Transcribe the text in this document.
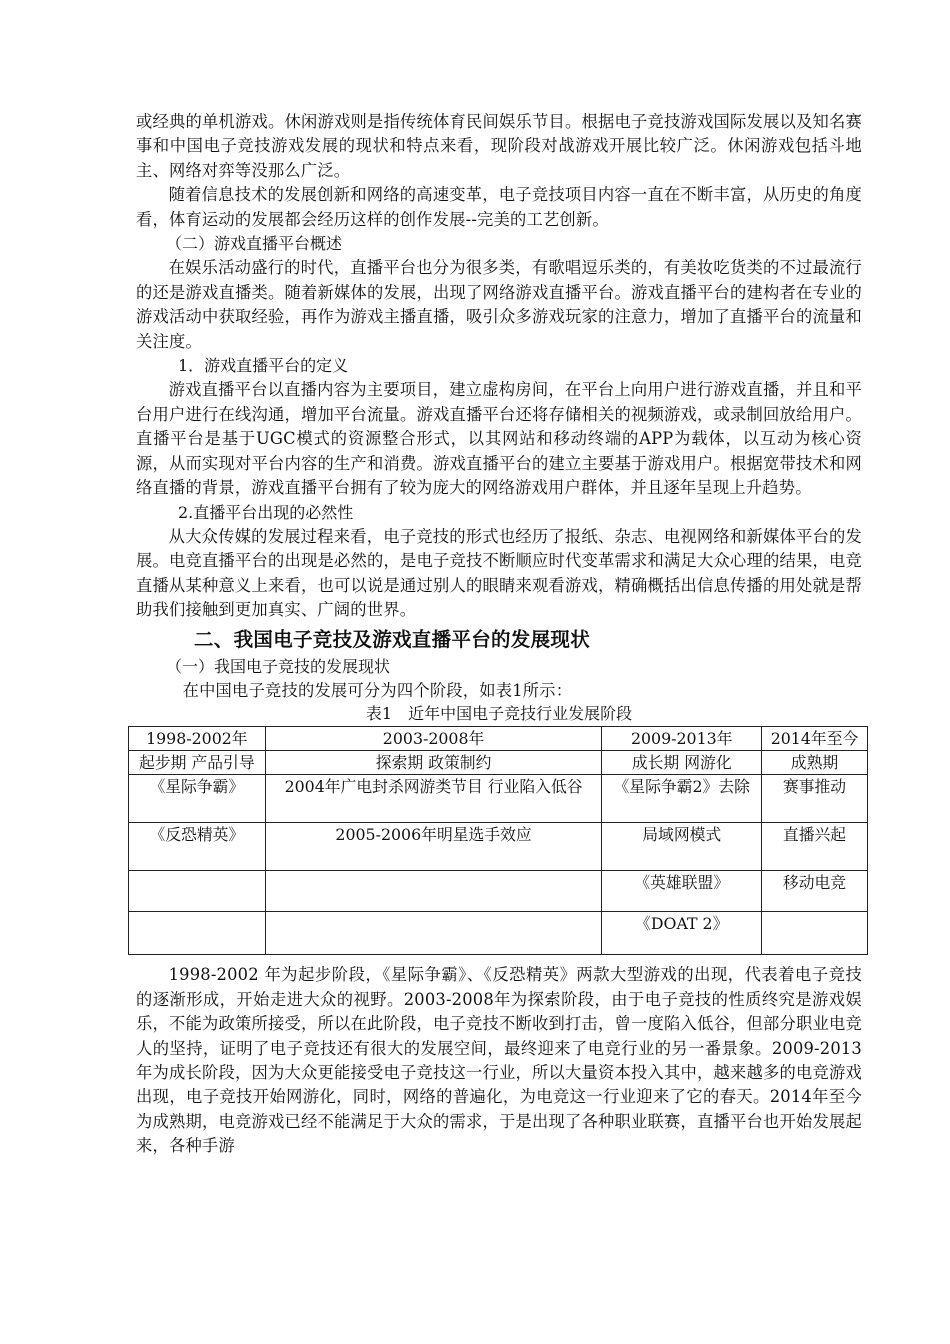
或经典的单机游戏。休闲游戏则是指传统体育民间娱乐节目。根据电子竞技游戏国际发展以及知名赛事和中国电子竞技游戏发展的现状和特点来看，现阶段对战游戏开展比较广泛。休闲游戏包括斗地主、网络对弈等没那么广泛。

随着信息技术的发展创新和网络的高速变革，电子竞技项目内容一直在不断丰富，从历史的角度看，体育运动的发展都会经历这样的创作发展--完美的工艺创新。

（二）游戏直播平台概述

在娱乐活动盛行的时代，直播平台也分为很多类，有歌唱逗乐类的，有美妆吃货类的不过最流行的还是游戏直播类。随着新媒体的发展，出现了网络游戏直播平台。游戏直播平台的建构者在专业的游戏活动中获取经验，再作为游戏主播直播，吸引众多游戏玩家的注意力，增加了直播平台的流量和关注度。

1．游戏直播平台的定义

游戏直播平台以直播内容为主要项目，建立虚构房间，在平台上向用户进行游戏直播，并且和平台用户进行在线沟通，增加平台流量。游戏直播平台还将存储相关的视频游戏，或录制回放给用户。直播平台是基于UGC模式的资源整合形式，以其网站和移动终端的APP为载体，以互动为核心资源，从而实现对平台内容的生产和消费。游戏直播平台的建立主要基于游戏用户。根据宽带技术和网络直播的背景，游戏直播平台拥有了较为庞大的网络游戏用户群体，并且逐年呈现上升趋势。

2.直播平台出现的必然性

从大众传媒的发展过程来看，电子竞技的形式也经历了报纸、杂志、电视网络和新媒体平台的发展。电竞直播平台的出现是必然的，是电子竞技不断顺应时代变革需求和满足大众心理的结果，电竞直播从某种意义上来看，也可以说是通过别人的眼睛来观看游戏，精确概括出信息传播的用处就是帮助我们接触到更加真实、广阔的世界。

二、我国电子竞技及游戏直播平台的发展现状

（一）我国电子竞技的发展现状

在中国电子竞技的发展可分为四个阶段，如表1所示：

表1　近年中国电子竞技行业发展阶段

1998-2002年	2003-2008年	2009-2013年	2014年至今
起步期 产品引导	探索期 政策制约	成长期 网游化	成熟期
《星际争霸》	2004年广电封杀网游类节目 行业陷入低谷	《星际争霸2》去除	赛事推动
《反恐精英》	2005-2006年明星选手效应	局域网模式	直播兴起
		《英雄联盟》	移动电竞
		《DOAT 2》	

1998-2002 年为起步阶段，《星际争霸》、《反恐精英》两款大型游戏的出现，代表着电子竞技的逐渐形成，开始走进大众的视野。2003-2008年为探索阶段，由于电子竞技的性质终究是游戏娱乐，不能为政策所接受，所以在此阶段，电子竞技不断收到打击，曾一度陷入低谷，但部分职业电竞人的坚持，证明了电子竞技还有很大的发展空间，最终迎来了电竞行业的另一番景象。2009-2013年为成长阶段，因为大众更能接受电子竞技这一行业，所以大量资本投入其中，越来越多的电竞游戏出现，电子竞技开始网游化，同时，网络的普遍化，为电竞这一行业迎来了它的春天。2014年至今为成熟期，电竞游戏已经不能满足于大众的需求，于是出现了各种职业联赛，直播平台也开始发展起来，各种手游
